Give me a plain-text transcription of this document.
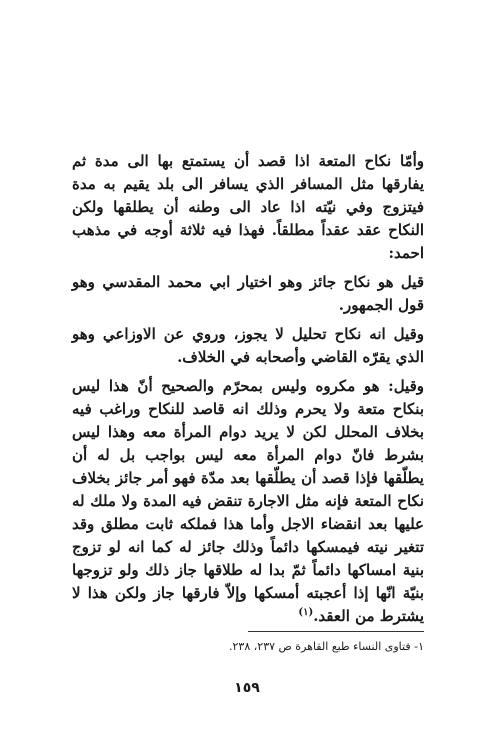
وأمّا نكاح المتعة اذا قصد أن يستمتع بها الى مدة ثم يفارقها مثل المسافر الذي يسافر الى بلد يقيم به مدة فيتزوج وفي نيّته اذا عاد الى وطنه أن يطلقها ولكن النكاح عقد عقداً مطلقاً. فهذا فيه ثلاثة أوجه في مذهب احمد:

قيل هو نكاح جائز وهو اختيار ابي محمد المقدسي وهو قول الجمهور.

وقيل انه نكاح تحليل لا يجوز، وروي عن الاوزاعي وهو الذي يقرّه القاضي وأصحابه في الخلاف.

وقيل: هو مكروه وليس بمحرّم والصحيح أنّ هذا ليس بنكاح متعة ولا يحرم وذلك انه قاصد للنكاح وراغب فيه بخلاف المحلل لكن لا يريد دوام المرأة معه وهذا ليس بشرط فانّ دوام المرأة معه ليس بواجب بل له أن يطلّقها فإذا قصد أن يطلّقها بعد مدّة فهو أمر جائز بخلاف نكاح المتعة فإنه مثل الاجارة تنقض فيه المدة ولا ملك له عليها بعد انقضاء الاجل وأما هذا فملكه ثابت مطلق وقد تتغير نيته فيمسكها دائماً وذلك جائز له كما انه لو تزوج بنية امساكها دائماً ثمّ بدا له طلاقها جاز ذلك ولو تزوجها بنيّة انّها إذا أعجبته أمسكها وإلاّ فارقها جاز ولكن هذا لا يشترط من العقد.$^{(١)}$

١- فتاوى النساء طبع القاهرة ص ٢٣٧، ٢٣٨.
١٥٩
